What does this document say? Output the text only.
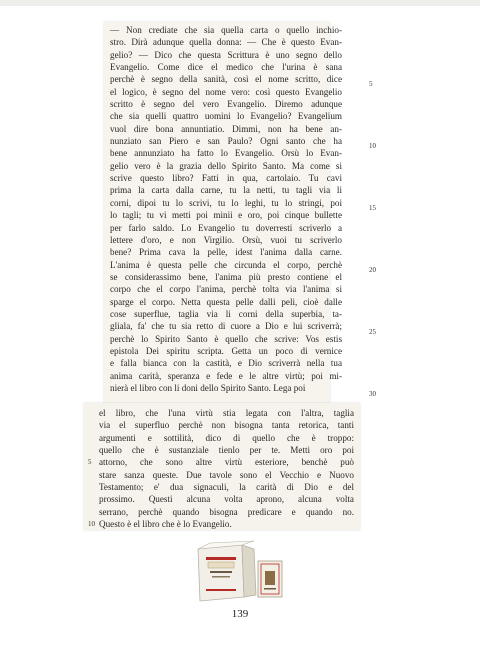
— Non crediate che sia quella carta o quello inchio-
stro. Dirà adunque quella donna: — Che è questo Evan-
gelio? — Dico che questa Scrittura è uno segno dello
Evangelio. Come dice el medico che l'urina è sana
perchè è segno della sanità, così el nome scritto, dice
el logico, è segno del nome vero: così questo Evangelio
scritto è segno del vero Evangelio. Diremo adunque
che sia quelli quattro uomini lo Evangelio? Evangelium
vuol dire bona annuntiatio. Dimmi, non ha bene an-
nunziato san Piero e san Paulo? Ogni santo che ha
bene annunziato ha fatto lo Evangelio. Orsù lo Evan-
gelio vero è la grazia dello Spirito Santo. Ma come si
scrive questo libro? Fatti in qua, cartolaio. Tu cavi
prima la carta dalla carne, tu la netti, tu tagli via li
corni, dipoi tu lo scrivi, tu lo leghi, tu lo stringi, poi
lo tagli; tu vi metti poi minii e oro, poi cinque bullette
per farlo saldo. Lo Evangelio tu doverresti scriverlo a
lettere d'oro, e non Virgilio. Orsù, vuoi tu scriverlo
bene? Prima cava la pelle, idest l'anima dalla carne.
L'anima è questa pelle che circunda el corpo, perchè
se considerassimo bene, l'anima più presto contiene el
corpo che el corpo l'anima, perchè tolta via l'anima si
sparge el corpo. Netta questa pelle dalli peli, cioè dalle
cose superflue, taglia via li corni della superbia, ta-
gliala, fa' che tu sia retto di cuore a Dio e lui scriverrà;
perchè lo Spirito Santo è quello che scrive: Vos estis
epistola Dei spiritu scripta. Getta un poco di vernice
e falla bianca con la castità, e Dio scriverrà nella tua
anima carità, speranza e fede e le altre virtù; poi mi-
nierà el libro con li doni dello Spirito Santo. Lega poi
el libro, che l'una virtù stia legata con l'altra, taglia
via el superfluo perchè non bisogna tanta retorica, tanti
argumenti e sottilità, dico di quello che è troppo:
quello che è sustanziale tienlo per te. Metti oro poi
attorno, che sono altre virtù esteriore, benchè può
stare sanza queste. Due tavole sono el Vecchio e Nuovo
Testamento; e' dua signaculi, la carità di Dio e del
prossimo. Questi alcuna volta aprono, alcuna volta
serrano, perchè quando bisogna predicare e quando no.
Questo è el libro che è lo Evangelio.
5
10
15
20
25
30
5
10
139
